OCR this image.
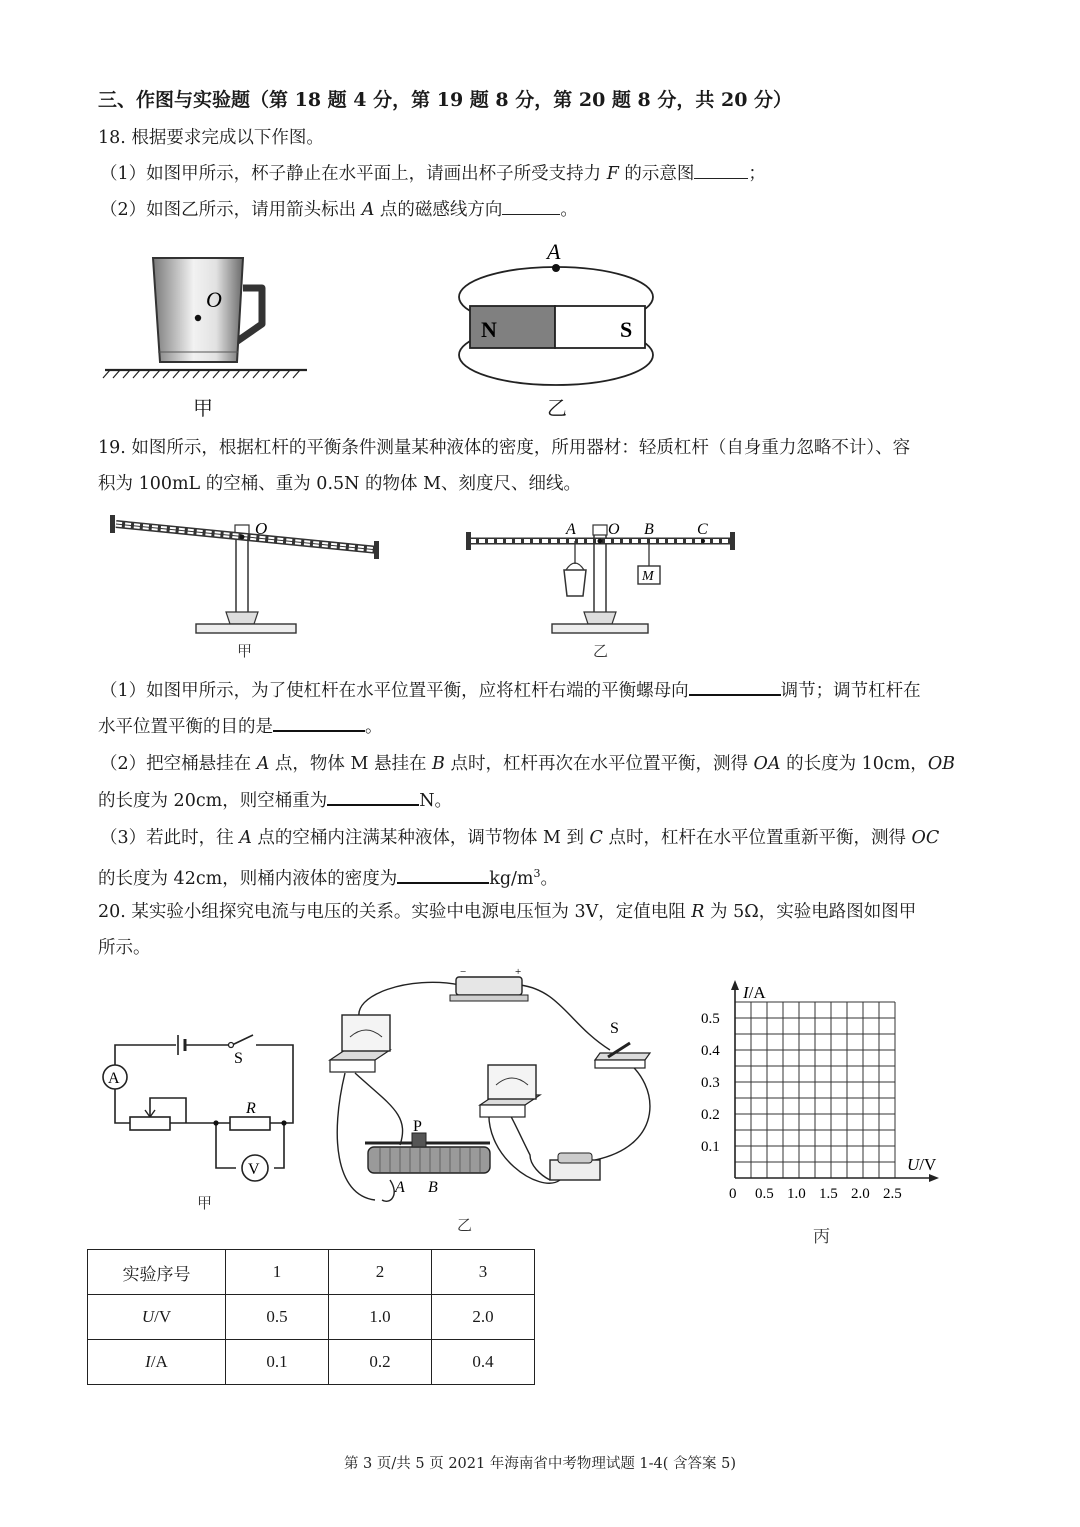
三、作图与实验题（第 18 题 4 分，第 19 题 8 分，第 20 题 8 分，共 20 分）
18. 根据要求完成以下作图。
（1）如图甲所示，杯子静止在水平面上，请画出杯子所受支持力 F 的示意图	；
（2）如图乙所示，请用箭头标出 A 点的磁感线方向	。
O
甲
N	S
A
乙
19. 如图所示，根据杠杆的平衡条件测量某种液体的密度，所用器材：轻质杠杆（自身重力忽略不计）、容
积为 100mL 的空桶、重为 0.5N 的物体 M、刻度尺、细线。
O
甲
A O B	C
M
乙
（1）如图甲所示，为了使杠杆在水平位置平衡，应将杠杆右端的平衡螺母向	调节；调节杠杆在
水平位置平衡的目的是	。
（2）把空桶悬挂在 A 点，物体 M 悬挂在 B 点时，杠杆再次在水平位置平衡，测得 OA 的长度为 10cm，OB
的长度为 20cm，则空桶重为	N。
（3）若此时，往 A 点的空桶内注满某种液体，调节物体 M 到 C 点时，杠杆在水平位置重新平衡，测得 OC
的长度为 42cm，则桶内液体的密度为	$kg/m^3$。
20. 某实验小组探究电流与电压的关系。实验中电源电压恒为 3V，定值电阻 R 为 5Ω，实验电路图如图甲
所示。
S
A
R
V
甲
−	+
S
P
A B
乙
I/A
U/V
0.5
0.4
0.3
0.2
0.1
0 0.5 1.0 1.5 2.0 2.5
丙
实验序号	1	2	3
U/V	0.5	1.0	2.0
I/A	0.1	0.2	0.4
第 3 页/共 5 页 2021 年海南省中考物理试题 1-4( 含答案 5)
